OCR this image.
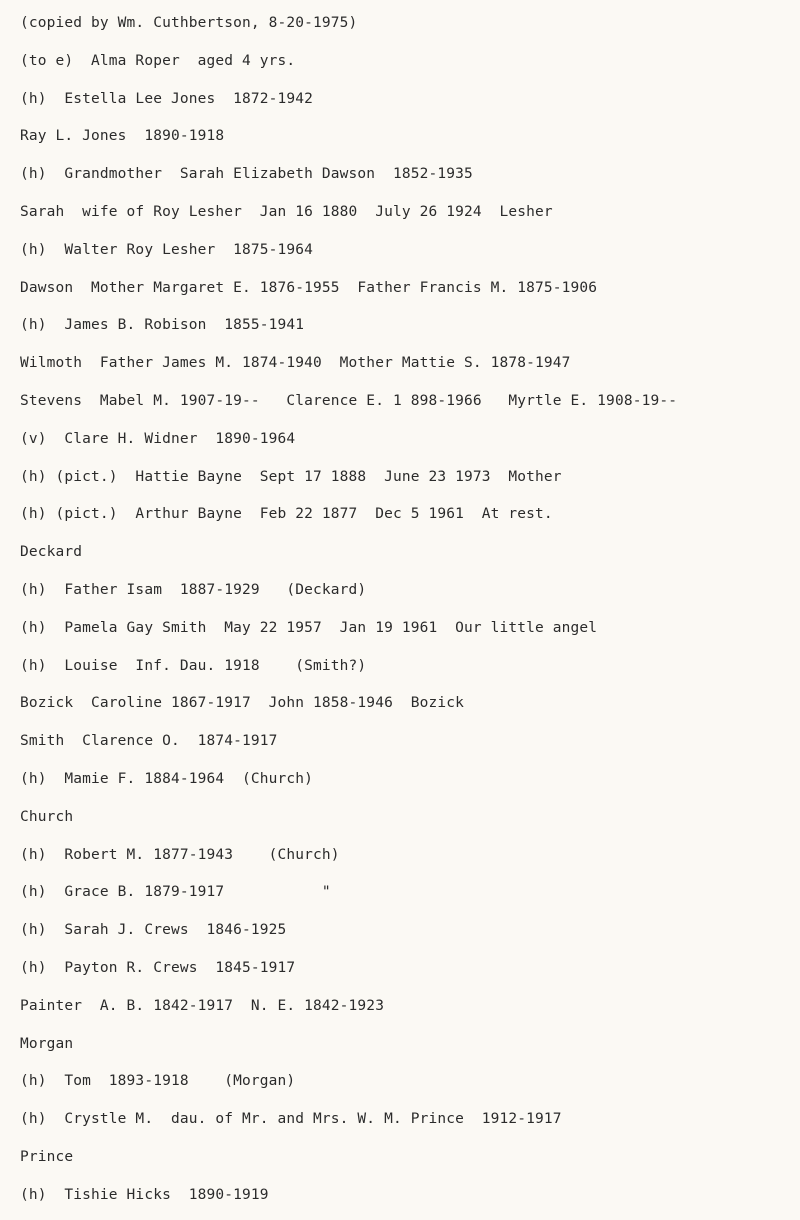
(copied by Wm. Cuthbertson, 8-20-1975)
(to e)  Alma Roper  aged 4 yrs.
(h)  Estella Lee Jones  1872-1942
Ray L. Jones  1890-1918
(h)  Grandmother  Sarah Elizabeth Dawson  1852-1935
Sarah  wife of Roy Lesher  Jan 16 1880  July 26 1924  Lesher
(h)  Walter Roy Lesher  1875-1964
Dawson  Mother Margaret E. 1876-1955  Father Francis M. 1875-1906
(h)  James B. Robison  1855-1941
Wilmoth  Father James M. 1874-1940  Mother Mattie S. 1878-1947
Stevens  Mabel M. 1907-19--   Clarence E. 1 898-1966   Myrtle E. 1908-19--
(v)  Clare H. Widner  1890-1964
(h) (pict.)  Hattie Bayne  Sept 17 1888  June 23 1973  Mother
(h) (pict.)  Arthur Bayne  Feb 22 1877  Dec 5 1961  At rest.
Deckard
(h)  Father Isam  1887-1929   (Deckard)
(h)  Pamela Gay Smith  May 22 1957  Jan 19 1961  Our little angel
(h)  Louise  Inf. Dau. 1918    (Smith?)
Bozick  Caroline 1867-1917  John 1858-1946  Bozick
Smith  Clarence O.  1874-1917
(h)  Mamie F. 1884-1964  (Church)
Church
(h)  Robert M. 1877-1943    (Church)
(h)  Grace B. 1879-1917           "
(h)  Sarah J. Crews  1846-1925
(h)  Payton R. Crews  1845-1917
Painter  A. B. 1842-1917  N. E. 1842-1923
Morgan
(h)  Tom  1893-1918    (Morgan)
(h)  Crystle M.  dau. of Mr. and Mrs. W. M. Prince  1912-1917
Prince
(h)  Tishie Hicks  1890-1919
